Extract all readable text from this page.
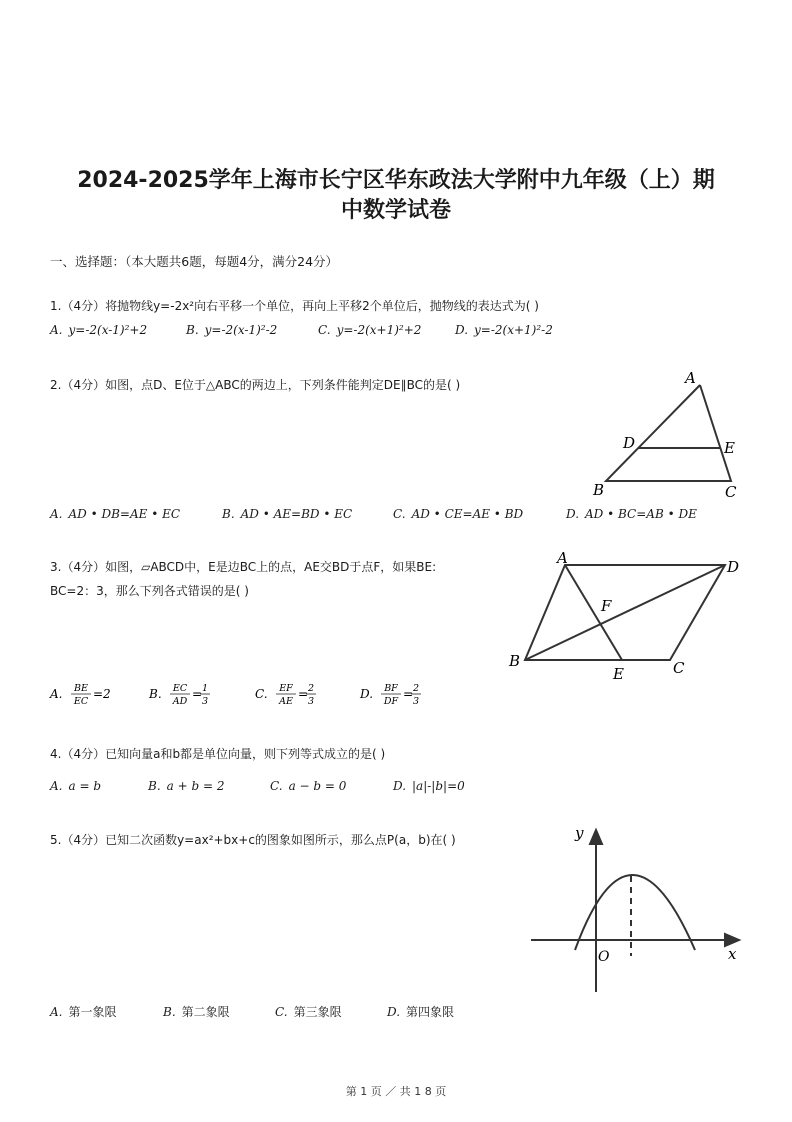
2024-2025学年上海市长宁区华东政法大学附中九年级（上）期
中数学试卷
一、选择题：（本大题共6题，每题4分，满分24分）
1.（4分）将抛物线y=-2x²向右平移一个单位，再向上平移2个单位后，抛物线的表达式为( )
A. y=-2(x-1)²+2	B. y=-2(x-1)²-2	C. y=-2(x+1)²+2	D. y=-2(x+1)²-2
2.（4分）如图，点D、E位于△ABC的两边上，下列条件能判定DE∥BC的是( )	A
D	E
B	C
A. AD • DB=AE • EC	B. AD • AE=BD • EC	C. AD • CE=AE • BD	D. AD • BC=AB • DE
3.（4分）如图，▱ABCD中，E是边BC上的点，AE交BD于点F，如果BE:
BC=2：3，那么下列各式错误的是( )
A	D
F
B
E	C
A. BE
EC
=2	B. EC
AD
= 1
3
C. EF
AE
= 2
3
D. BF
DF
= 2
3
4.（4分）已知向量a和b都是单位向量，则下列等式成立的是( )
A. a = b	B. a + b = 2	C. a − b = 0	D. |a|-|b|=0
5.（4分）已知二次函数y=ax²+bx+c的图象如图所示，那么点P(a，b)在( )	y
x
O
A. 第一象限	B. 第二象限	C. 第三象限	D. 第四象限
第 1 页 ／ 共 1 8 页
